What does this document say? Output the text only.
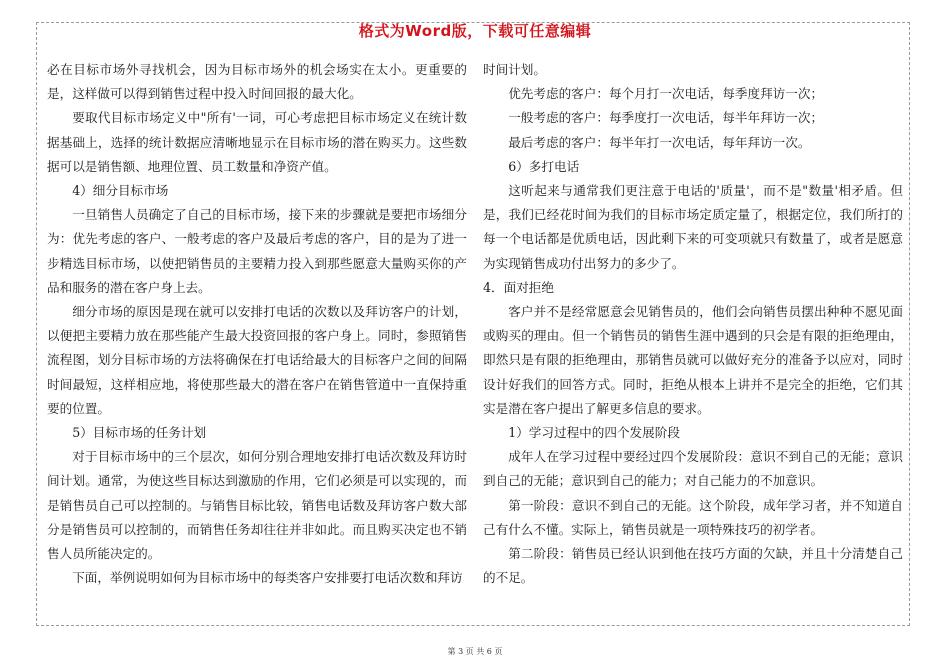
格式为Word版，下载可任意编辑

必在目标市场外寻找机会，因为目标市场外的机会场实在太小。更重要的是，这样做可以得到销售过程中投入时间回报的最大化。

要取代目标市场定义中"所有'一词，可心考虑把目标市场定义在统计数据基础上，选择的统计数据应清晰地显示在目标市场的潜在购买力。这些数据可以是销售额、地理位置、员工数量和净资产值。

4）细分目标市场

一旦销售人员确定了自己的目标市场，接下来的步骤就是要把市场细分为：优先考虑的客户、一般考虑的客户及最后考虑的客户，目的是为了进一步精选目标市场，以使把销售员的主要精力投入到那些愿意大量购买你的产品和服务的潜在客户身上去。

细分市场的原因是现在就可以安排打电话的次数以及拜访客户的计划，以便把主要精力放在那些能产生最大投资回报的客户身上。同时，参照销售流程图，划分目标市场的方法将确保在打电话给最大的目标客户之间的间隔时间最短，这样相应地，将使那些最大的潜在客户在销售管道中一直保持重要的位置。

5）目标市场的任务计划

对于目标市场中的三个层次，如何分别合理地安排打电话次数及拜访时间计划。通常，为使这些目标达到激励的作用，它们必须是可以实现的，而是销售员自己可以控制的。与销售目标比较，销售电话数及拜访客户数大部分是销售员可以控制的，而销售任务却往往并非如此。而且购买决定也不销售人员所能决定的。

下面，举例说明如何为目标市场中的每类客户安排要打电话次数和拜访

时间计划。

优先考虑的客户：每个月打一次电话，每季度拜访一次；

一般考虑的客户：每季度打一次电话，每半年拜访一次；

最后考虑的客户：每半年打一次电话，每年拜访一次。

6）多打电话

这听起来与通常我们更注意于电话的'质量'，而不是"数量'相矛盾。但是，我们已经花时间为我们的目标市场定质定量了，根据定位，我们所打的每一个电话都是优质电话，因此剩下来的可变项就只有数量了，或者是愿意为实现销售成功付出努力的多少了。

4．面对拒绝

客户并不是经常愿意会见销售员的，他们会向销售员摆出种种不愿见面或购买的理由。但一个销售员的销售生涯中遇到的只会是有限的拒绝理由，即然只是有限的拒绝理由，那销售员就可以做好充分的准备予以应对，同时设计好我们的回答方式。同时，拒绝从根本上讲并不是完全的拒绝，它们其实是潜在客户提出了解更多信息的要求。

1）学习过程中的四个发展阶段

成年人在学习过程中要经过四个发展阶段：意识不到自己的无能；意识到自己的无能；意识到自己的能力；对自己能力的不加意识。

第一阶段：意识不到自己的无能。这个阶段，成年学习者，并不知道自己有什么不懂。实际上，销售员就是一项特殊技巧的初学者。

第二阶段：销售员已经认识到他在技巧方面的欠缺，并且十分清楚自己的不足。

第 3 页 共 6 页
